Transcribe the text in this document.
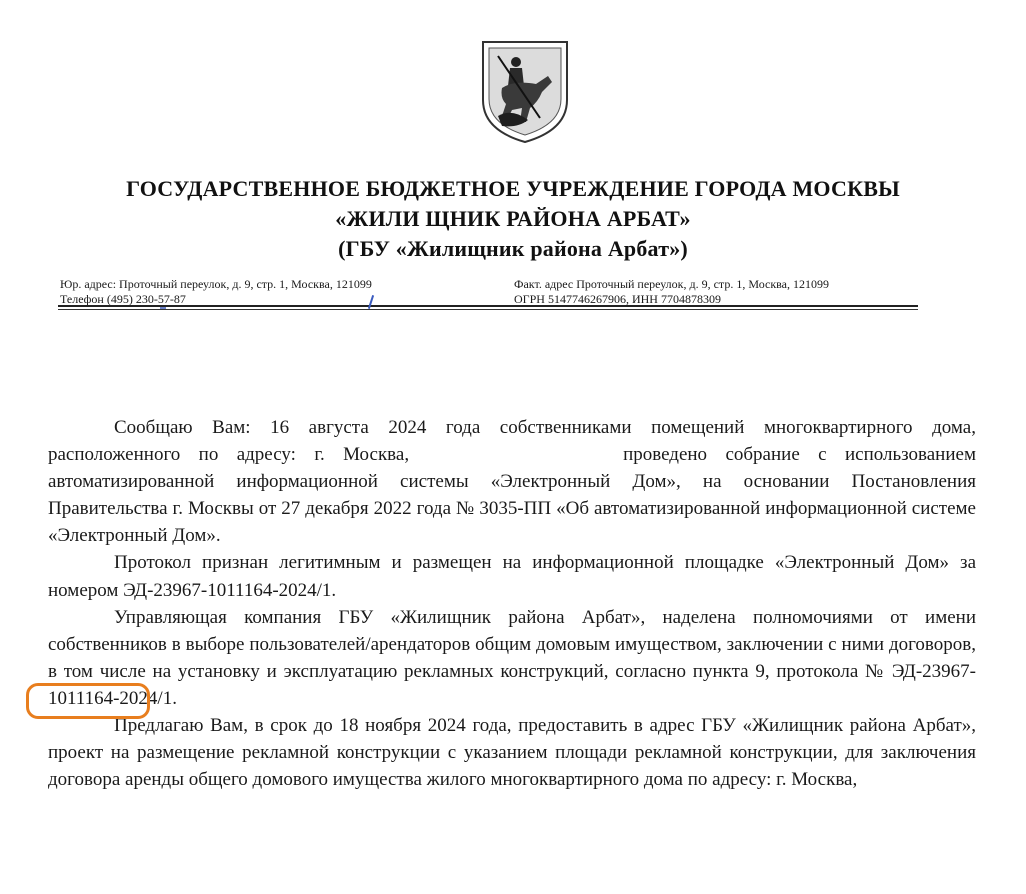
ГОСУДАРСТВЕННОЕ БЮДЖЕТНОЕ УЧРЕЖДЕНИЕ ГОРОДА МОСКВЫ
«ЖИЛИ ЩНИК РАЙОНА АРБАТ»
(ГБУ «Жилищник района Арбат»)
Юр. адрес: Проточный переулок, д. 9, стр. 1, Москва, 121099
Телефон (495) 230-57-87
Факт. адрес Проточный переулок, д. 9, стр. 1, Москва, 121099
ОГРН 5147746267906, ИНН 7704878309

Сообщаю Вам: 16 августа 2024 года собственниками помещений многоквартирного дома, расположенного по адресу: г. Москва,	проведено собрание с использованием автоматизированной информационной системы «Электронный Дом», на основании Постановления Правительства г. Москвы от 27 декабря 2022 года № 3035-ПП «Об автоматизированной информационной системе «Электронный Дом».

Протокол признан легитимным и размещен на информационной площадке «Электронный Дом» за номером ЭД-23967-1011164-2024/1.

Управляющая компания ГБУ «Жилищник района Арбат», наделена полномочиями от имени собственников в выборе пользователей/арендаторов общим домовым имуществом, заключении с ними договоров, в том числе на установку и эксплуатацию рекламных конструкций, согласно пункта 9, протокола № ЭД-23967-1011164-2024/1.

Предлагаю Вам, в срок до 18 ноября 2024 года, предоставить в адрес ГБУ «Жилищник района Арбат», проект на размещение рекламной конструкции с указанием площади рекламной конструкции, для заключения договора аренды общего домового имущества жилого многоквартирного дома по адресу: г. Москва,
